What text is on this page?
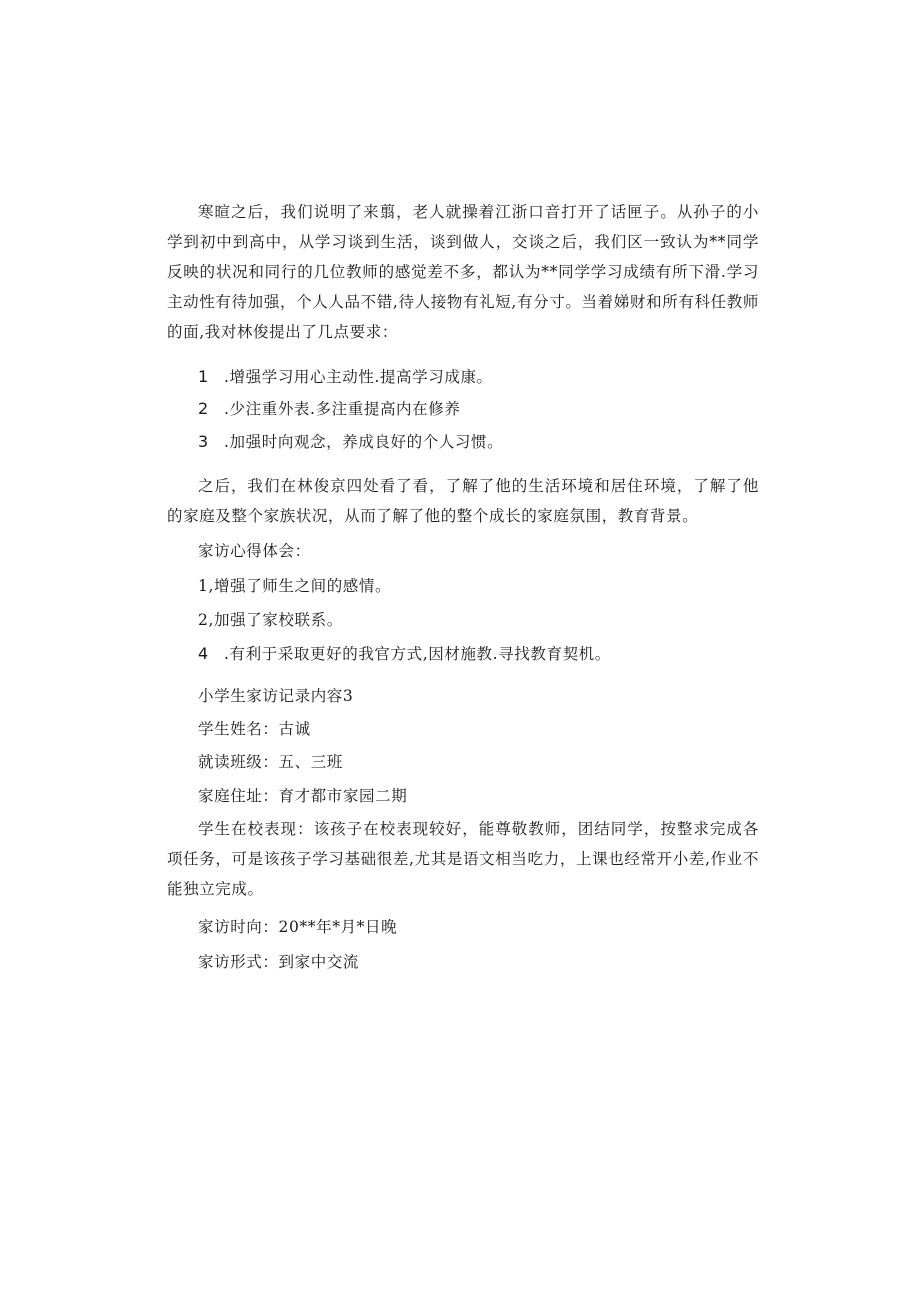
寒暄之后，我们说明了来翦，老人就操着江浙口音打开了话匣子。从孙子的小学到初中到高中，从学习谈到生活，谈到做人，交谈之后，我们区一致认为**同学反映的状况和同行的几位教师的感觉差不多，都认为**同学学习成绩有所下滑.学习主动性有待加强，个人人品不错,待人接物有礼短,有分寸。当着娣财和所有科任教师的面,我对林俊提出了几点要求：

1 .增强学习用心主动性.提高学习成康。

2 .少注重外表.多注重提高内在修养

3 .加强时向观念，养成良好的个人习惯。

之后，我们在林俊京四处看了看，了解了他的生活环境和居住环境，了解了他的家庭及整个家族状况，从而了解了他的整个成长的家庭氛围，教育背景。

家访心得体会：

1,增强了师生之间的感情。

2,加强了家校联系。

4 .有利于采取更好的我官方式,因材施教.寻找教育契机。

小学生家访记录内容3

学生姓名：古诚

就读班级：五、三班

家庭住址：育才都市家园二期

学生在校表现：该孩子在校表现较好，能尊敬教师，团结同学，按整求完成各项任务，可是该孩子学习基础很差,尤其是语文相当吃力，上课也经常开小差,作业不能独立完成。

家访时向：20**年*月*日晚

家访形式：到家中交流
